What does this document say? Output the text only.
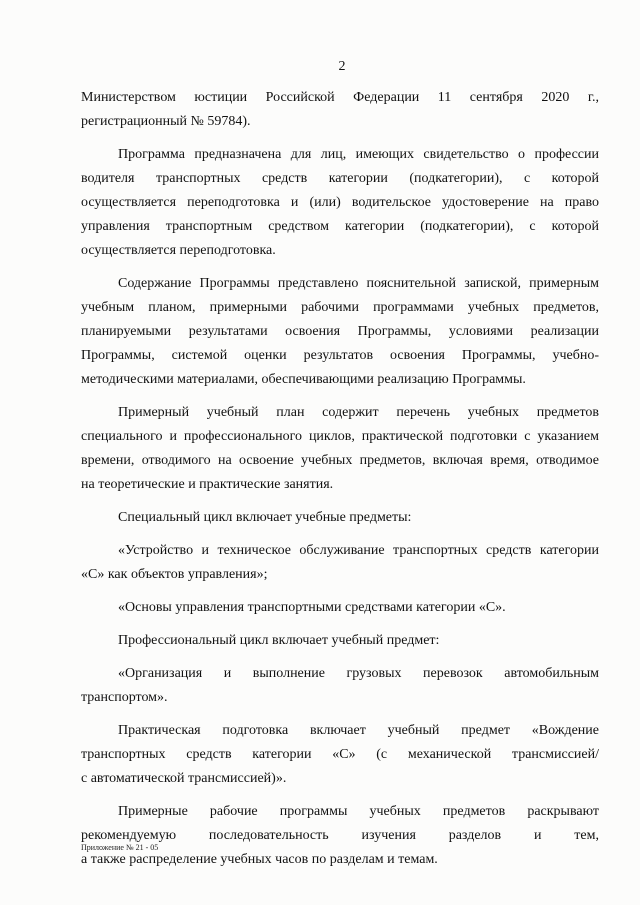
2

Министерством юстиции Российской Федерации 11 сентября 2020 г.,
регистрационный № 59784).

Программа предназначена для лиц, имеющих свидетельство о профессии
водителя транспортных средств категории (подкатегории), с которой
осуществляется переподготовка и (или) водительское удостоверение на право
управления транспортным средством категории (подкатегории), с которой
осуществляется переподготовка.

Содержание Программы представлено пояснительной запиской, примерным
учебным планом, примерными рабочими программами учебных предметов,
планируемыми результатами освоения Программы, условиями реализации
Программы, системой оценки результатов освоения Программы, учебно-
методическими материалами, обеспечивающими реализацию Программы.

Примерный учебный план содержит перечень учебных предметов
специального и профессионального циклов, практической подготовки с указанием
времени, отводимого на освоение учебных предметов, включая время, отводимое
на теоретические и практические занятия.

Специальный цикл включает учебные предметы:

«Устройство и техническое обслуживание транспортных средств категории
«С» как объектов управления»;

«Основы управления транспортными средствами категории «С».

Профессиональный цикл включает учебный предмет:

«Организация и выполнение грузовых перевозок автомобильным
транспортом».

Практическая подготовка включает учебный предмет «Вождение
транспортных средств категории «С» (с механической трансмиссией/
с автоматической трансмиссией)».

Примерные рабочие программы учебных предметов раскрывают
рекомендуемую последовательность изучения разделов и тем,
а также распределение учебных часов по разделам и темам.

Приложение № 21 - 05
